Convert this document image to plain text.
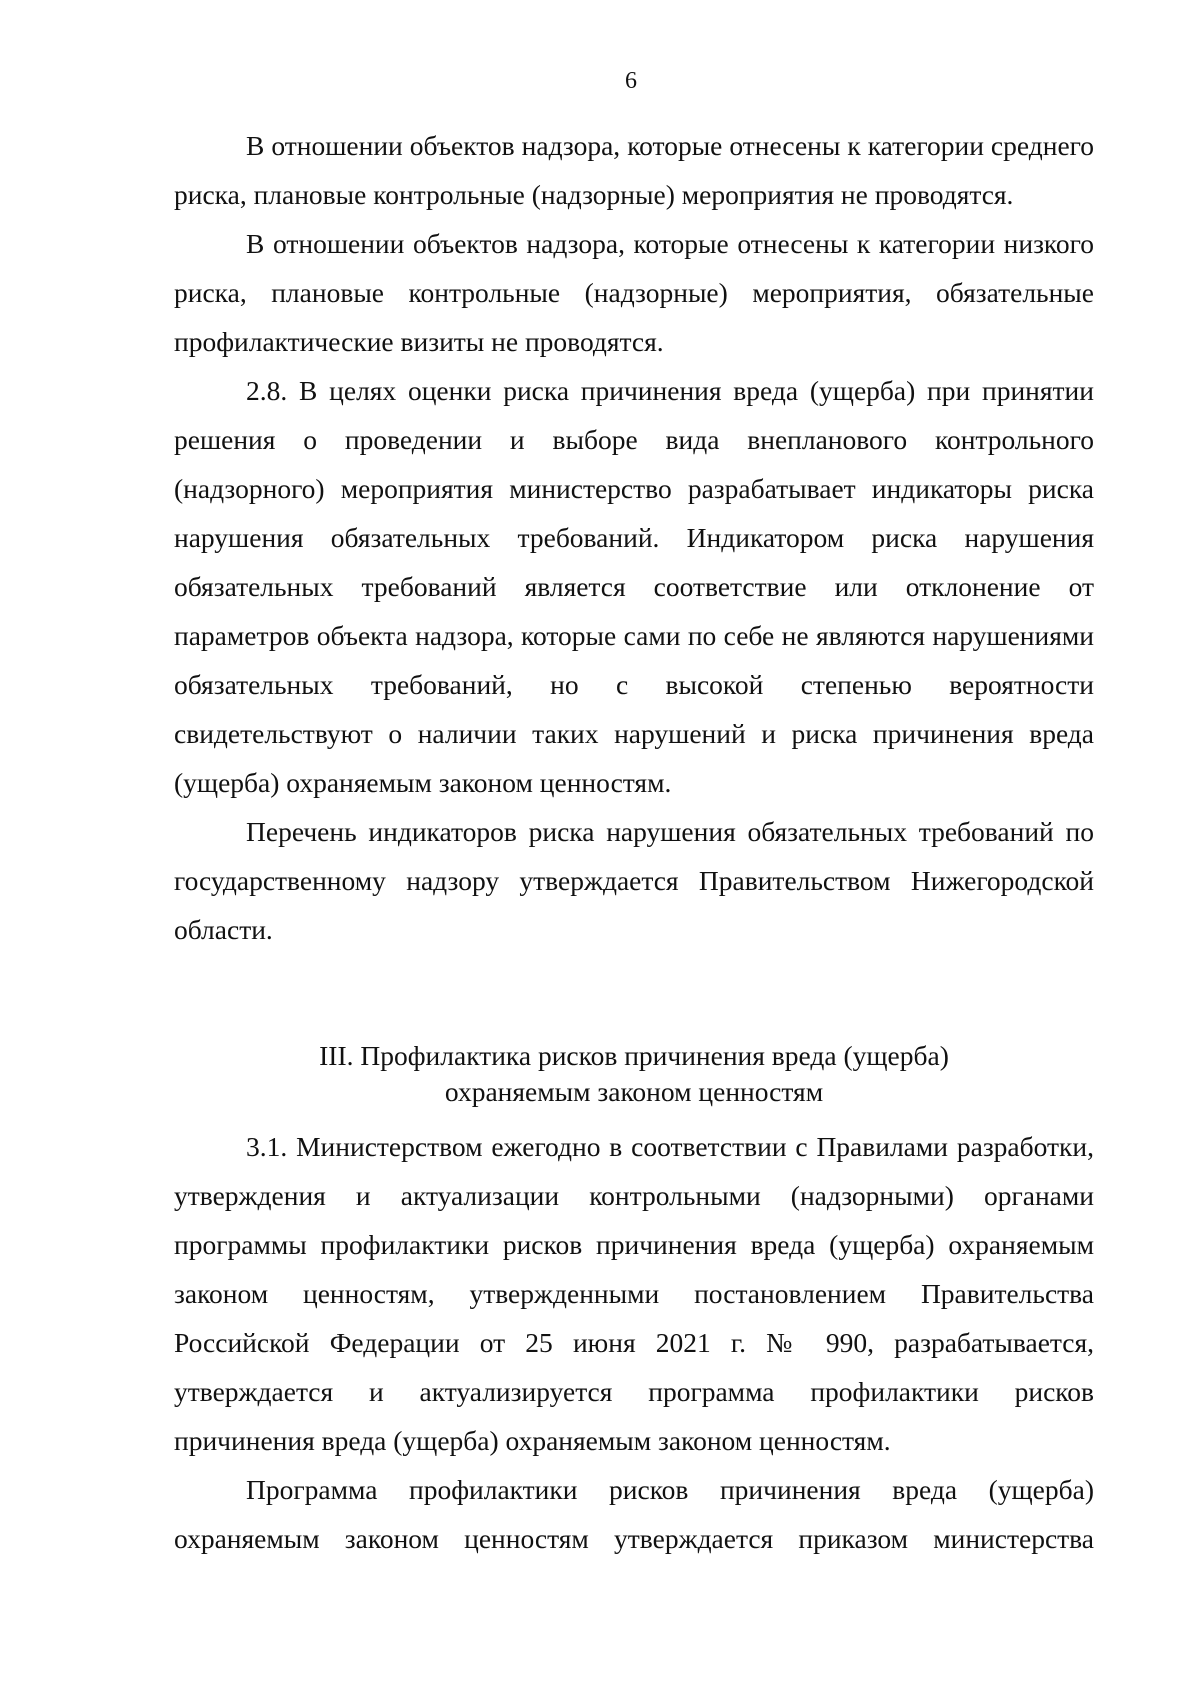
6

В отношении объектов надзора, которые отнесены к категории среднего риска, плановые контрольные (надзорные) мероприятия не проводятся.

В отношении объектов надзора, которые отнесены к категории низкого риска, плановые контрольные (надзорные) мероприятия, обязательные профилактические визиты не проводятся.

2.8. В целях оценки риска причинения вреда (ущерба) при принятии решения о проведении и выборе вида внепланового контрольного (надзорного) мероприятия министерство разрабатывает индикаторы риска нарушения обязательных требований. Индикатором риска нарушения обязательных требований является соответствие или отклонение от параметров объекта надзора, которые сами по себе не являются нарушениями обязательных требований, но с высокой степенью вероятности свидетельствуют о наличии таких нарушений и риска причинения вреда (ущерба) охраняемым законом ценностям.

Перечень индикаторов риска нарушения обязательных требований по государственному надзору утверждается Правительством Нижегородской области.

III. Профилактика рисков причинения вреда (ущерба)
охраняемым законом ценностям

3.1. Министерством ежегодно в соответствии с Правилами разработки, утверждения и актуализации контрольными (надзорными) органами программы профилактики рисков причинения вреда (ущерба) охраняемым законом ценностям, утвержденными постановлением Правительства Российской Федерации от 25 июня 2021 г. № 990, разрабатывается, утверждается и актуализируется программа профилактики рисков причинения вреда (ущерба) охраняемым законом ценностям.

Программа профилактики рисков причинения вреда (ущерба) охраняемым законом ценностям утверждается приказом министерства
